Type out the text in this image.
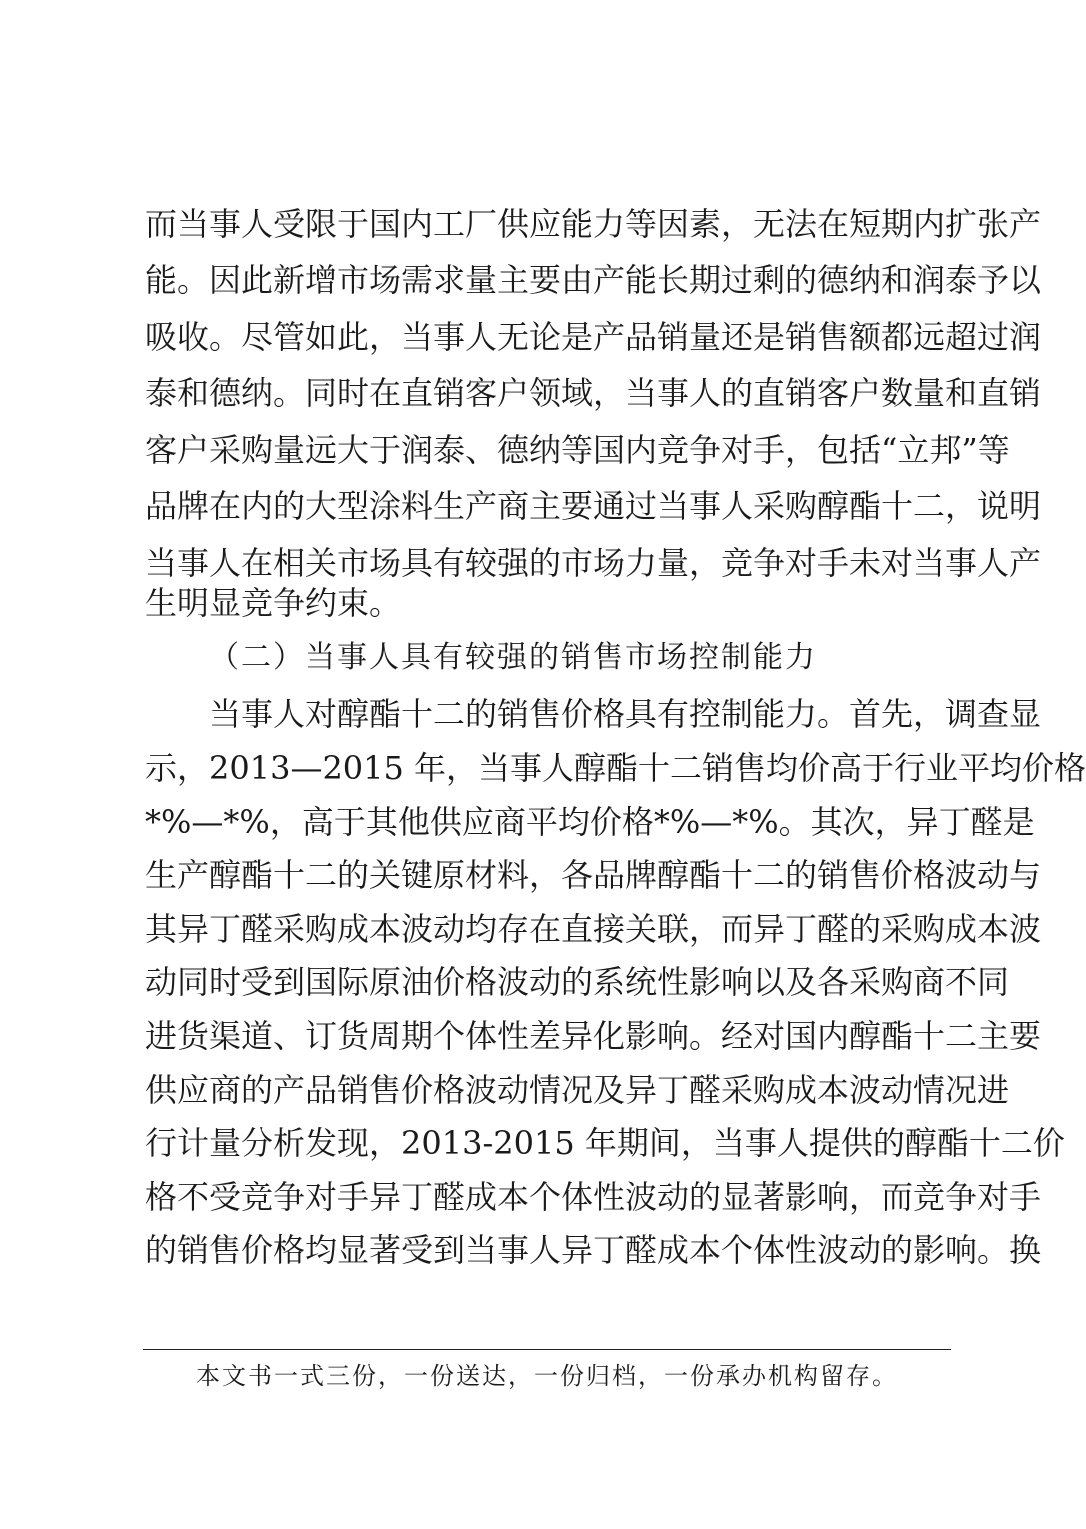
而当事人受限于国内工厂供应能力等因素，无法在短期内扩张产
能。因此新增市场需求量主要由产能长期过剩的德纳和润泰予以
吸收。尽管如此，当事人无论是产品销量还是销售额都远超过润
泰和德纳。同时在直销客户领域，当事人的直销客户数量和直销
客户采购量远大于润泰、德纳等国内竞争对手，包括“立邦”等
品牌在内的大型涂料生产商主要通过当事人采购醇酯十二，说明
当事人在相关市场具有较强的市场力量，竞争对手未对当事人产
生明显竞争约束。
（二）当事人具有较强的销售市场控制能力
当事人对醇酯十二的销售价格具有控制能力。首先，调查显
示，2013—2015 年，当事人醇酯十二销售均价高于行业平均价格
*%—*%，高于其他供应商平均价格*%—*%。其次，异丁醛是
生产醇酯十二的关键原材料，各品牌醇酯十二的销售价格波动与
其异丁醛采购成本波动均存在直接关联，而异丁醛的采购成本波
动同时受到国际原油价格波动的系统性影响以及各采购商不同
进货渠道、订货周期个体性差异化影响。经对国内醇酯十二主要
供应商的产品销售价格波动情况及异丁醛采购成本波动情况进
行计量分析发现，2013-2015 年期间，当事人提供的醇酯十二价
格不受竞争对手异丁醛成本个体性波动的显著影响，而竞争对手
的销售价格均显著受到当事人异丁醛成本个体性波动的影响。换
本文书一式三份，一份送达，一份归档，一份承办机构留存。
